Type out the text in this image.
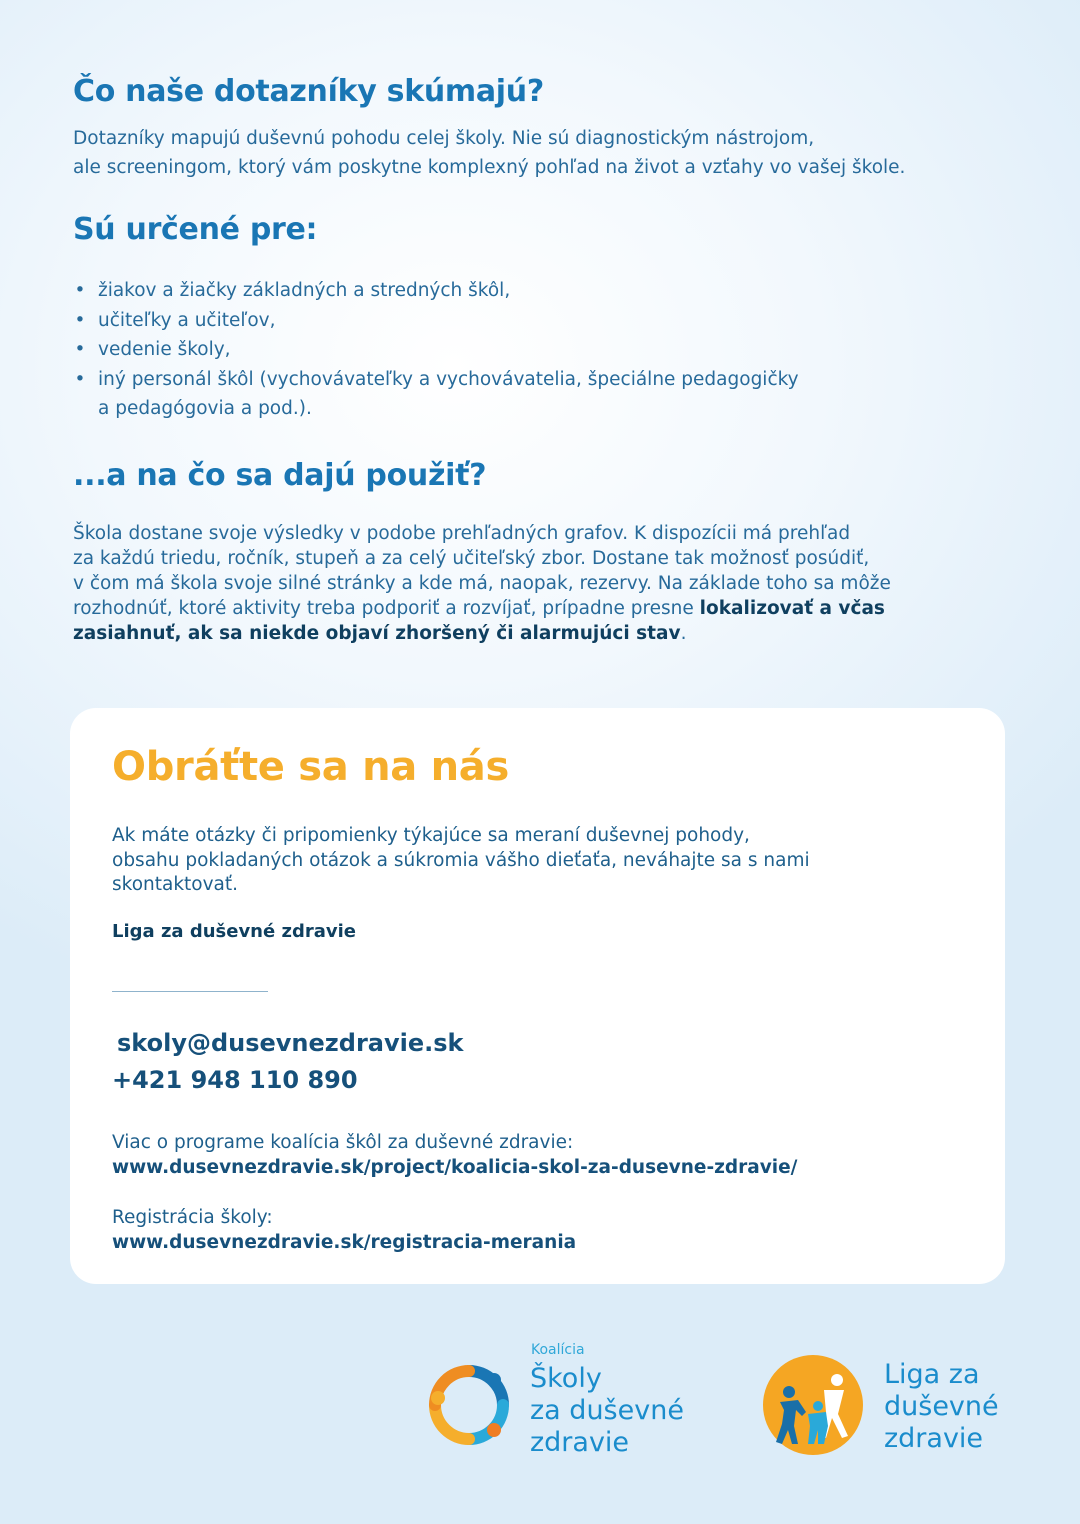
Čo naše dotazníky skúmajú?

Dotazníky mapujú duševnú pohodu celej školy. Nie sú diagnostickým nástrojom,
ale screeningom, ktorý vám poskytne komplexný pohľad na život a vzťahy vo vašej škole.

Sú určené pre:
• žiakov a žiačky základných a stredných škôl,
• učiteľky a učiteľov,
• vedenie školy,
• iný personál škôl (vychovávateľky a vychovávatelia, špeciálne pedagogičky
a pedagógovia a pod.).
...a na čo sa dajú použiť?

Škola dostane svoje výsledky v podobe prehľadných grafov. K dispozícii má prehľad
za každú triedu, ročník, stupeň a za celý učiteľský zbor. Dostane tak možnosť posúdiť,
v čom má škola svoje silné stránky a kde má, naopak, rezervy. Na základe toho sa môže
rozhodnúť, ktoré aktivity treba podporiť a rozvíjať, prípadne presne lokalizovať a včas
zasiahnuť, ak sa niekde objaví zhoršený či alarmujúci stav.

Obráťte sa na nás

Ak máte otázky či pripomienky týkajúce sa meraní duševnej pohody,
obsahu pokladaných otázok a súkromia vášho dieťaťa, neváhajte sa s nami
skontaktovať.

Liga za duševné zdravie
skoly@dusevnezdravie.sk
+421 948 110 890

Viac o programe koalícia škôl za duševné zdravie:
www.dusevnezdravie.sk/project/koalicia-skol-za-dusevne-zdravie/

Registrácia školy:
www.dusevnezdravie.sk/registracia-merania

Koalícia
Školy
za duševné
zdravie
Liga za
duševné
zdravie
